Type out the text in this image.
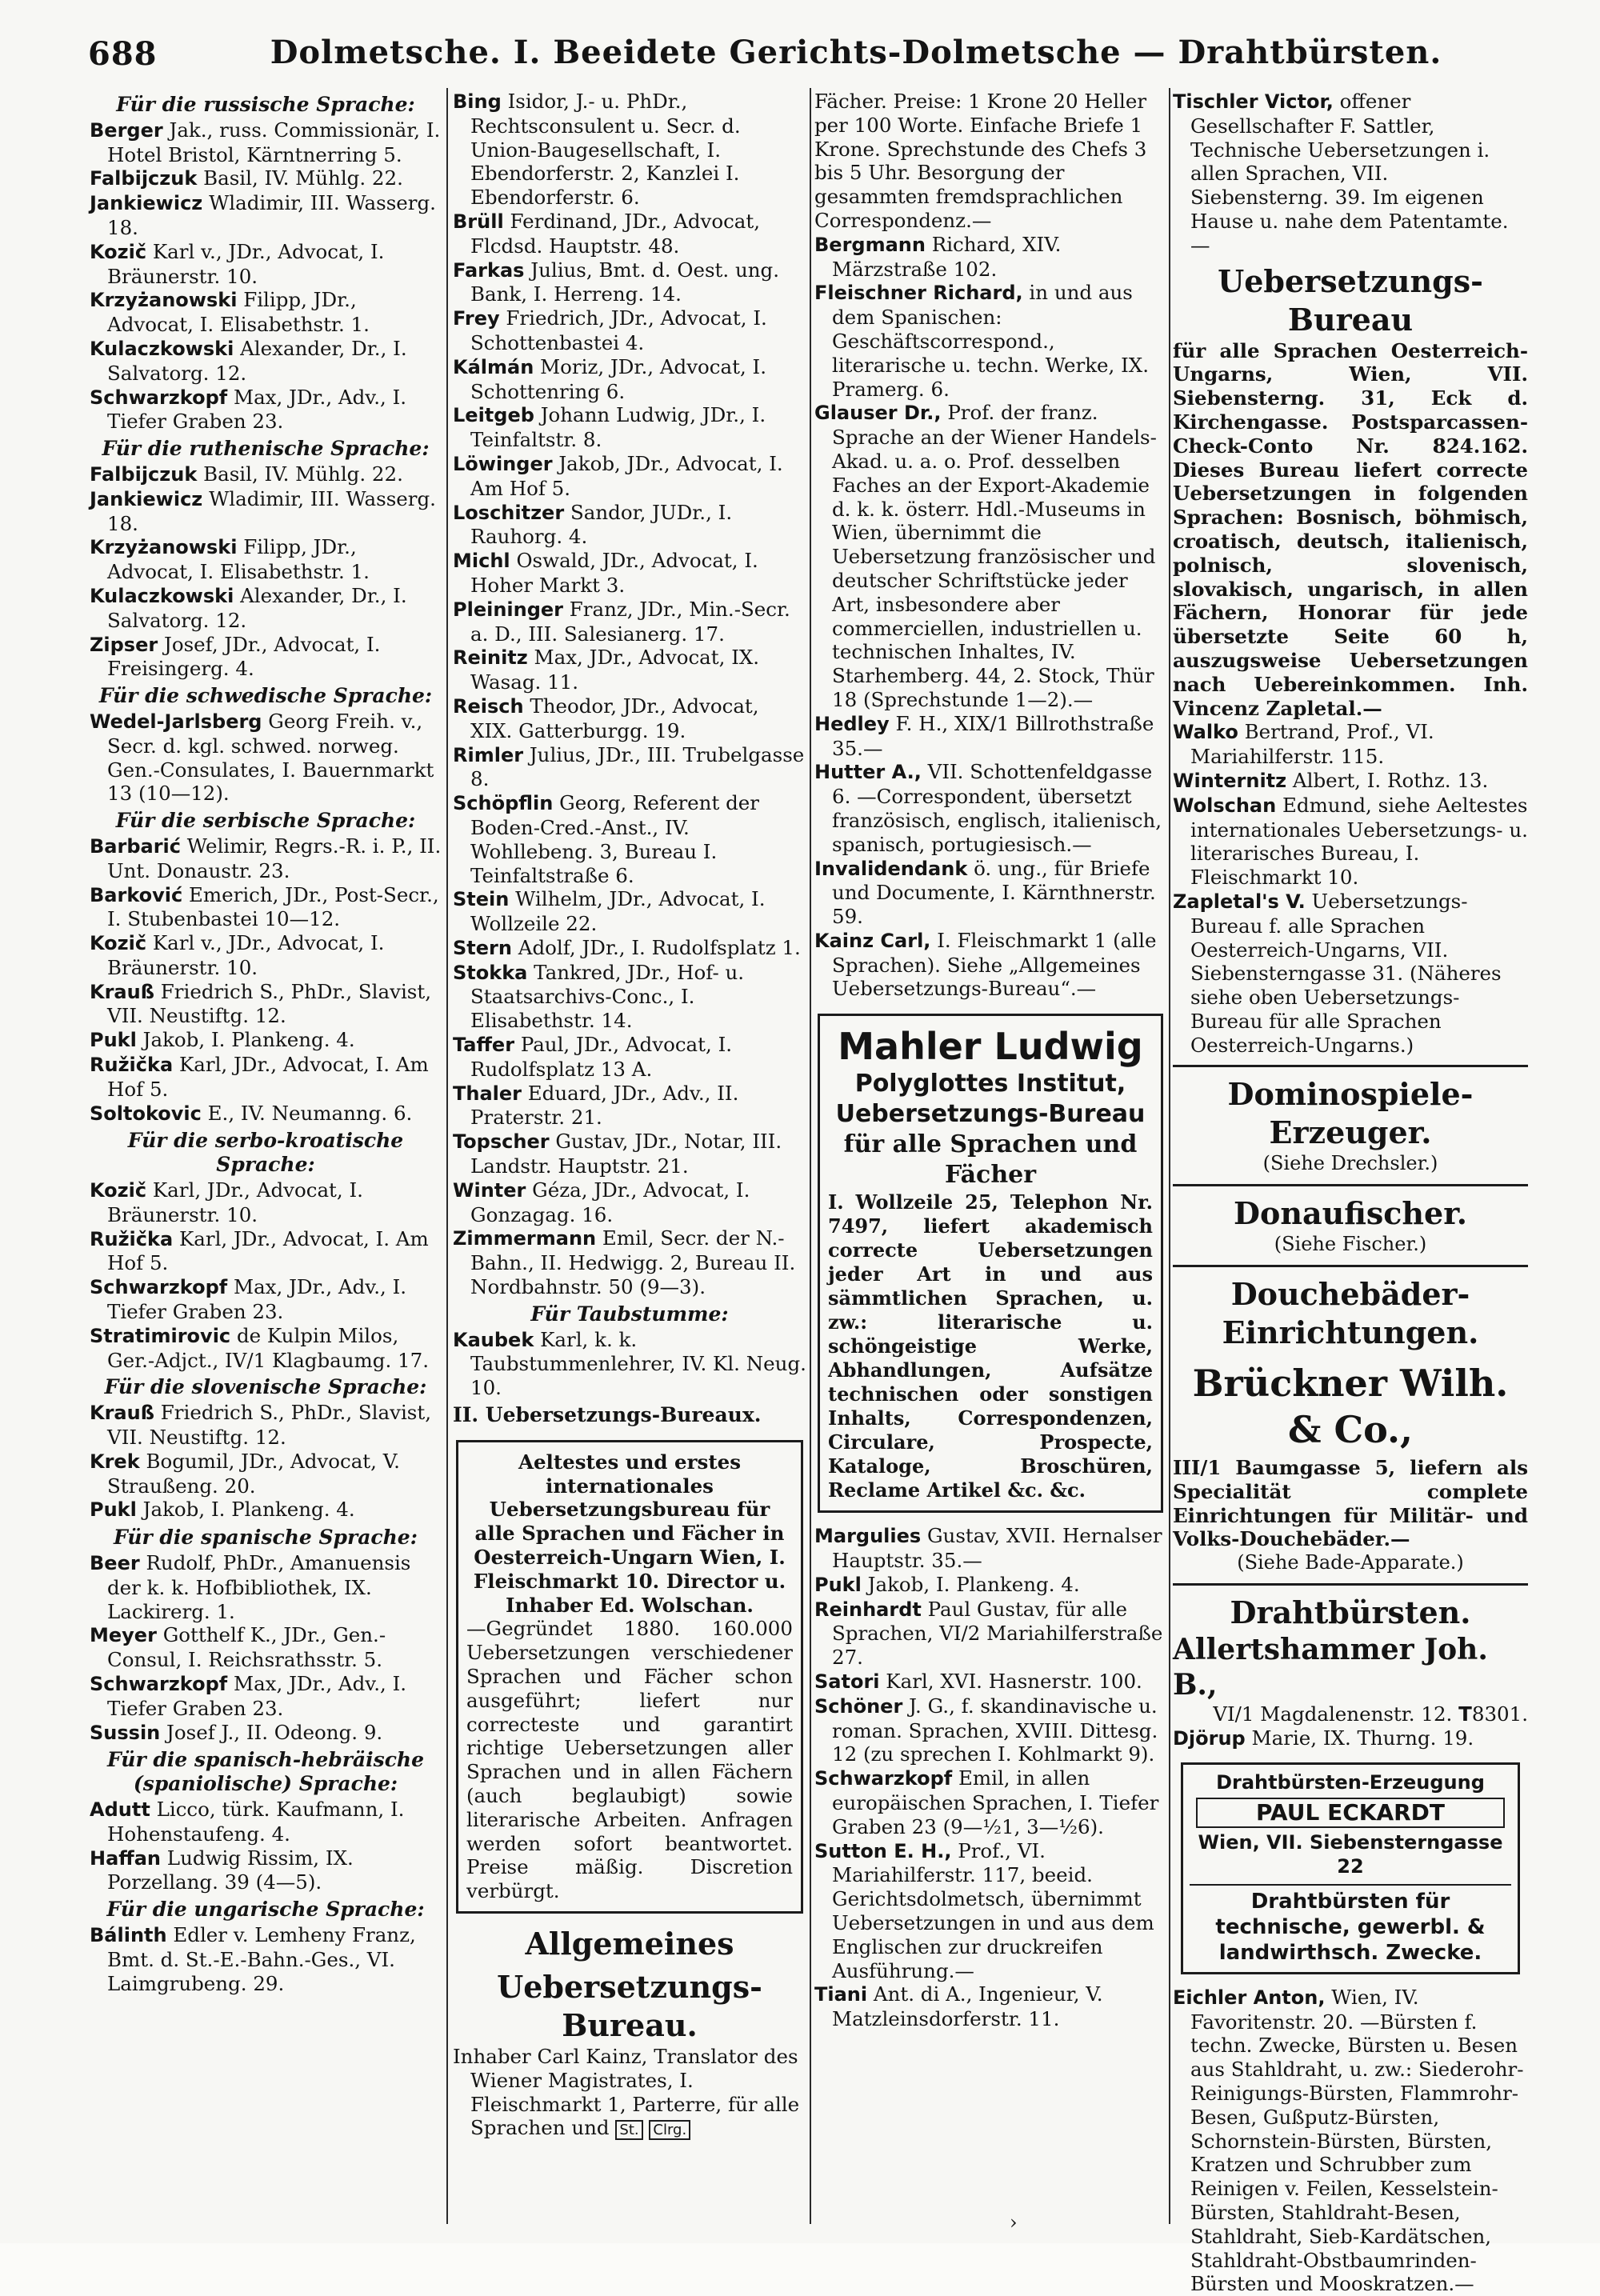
688	Dolmetsche. I. Beeidete Gerichts-Dolmetsche — Drahtbürsten.
Für die russische Sprache:
Berger Jak., russ. Commissionär, I. Hotel Bristol, Kärntnerring 5.
Falbijczuk Basil, IV. Mühlg. 22.
Jankiewicz Wladimir, III. Wasserg. 18.
Kozič Karl v., JDr., Advocat, I. Bräunerstr. 10.
Krzyżanowski Filipp, JDr., Advocat, I. Elisabethstr. 1.
Kulaczkowski Alexander, Dr., I. Salvatorg. 12.
Schwarzkopf Max, JDr., Adv., I. Tiefer Graben 23.
Für die ruthenische Sprache:
Falbijczuk Basil, IV. Mühlg. 22.
Jankiewicz Wladimir, III. Wasserg. 18.
Krzyżanowski Filipp, JDr., Advocat, I. Elisabethstr. 1.
Kulaczkowski Alexander, Dr., I. Salvatorg. 12.
Zipser Josef, JDr., Advocat, I. Freisingerg. 4.
Für die schwedische Sprache:
Wedel-Jarlsberg Georg Freih. v., Secr. d. kgl. schwed. norweg. Gen.-Consulates, I. Bauernmarkt 13 (10—12).
Für die serbische Sprache:
Barbarić Welimir, Regrs.-R. i. P., II. Unt. Donaustr. 23.
Barković Emerich, JDr., Post-Secr., I. Stubenbastei 10—12.
Kozič Karl v., JDr., Advocat, I. Bräunerstr. 10.
Krauß Friedrich S., PhDr., Slavist, VII. Neustiftg. 12.
Pukl Jakob, I. Plankeng. 4.
Ružička Karl, JDr., Advocat, I. Am Hof 5.
Soltokovic E., IV. Neumanng. 6.
Für die serbo-kroatische Sprache:
Kozič Karl, JDr., Advocat, I. Bräunerstr. 10.
Ružička Karl, JDr., Advocat, I. Am Hof 5.
Schwarzkopf Max, JDr., Adv., I. Tiefer Graben 23.
Stratimirovic de Kulpin Milos, Ger.-Adjct., IV/1 Klagbaumg. 17.
Für die slovenische Sprache:
Krauß Friedrich S., PhDr., Slavist, VII. Neustiftg. 12.
Krek Bogumil, JDr., Advocat, V. Straußeng. 20.
Pukl Jakob, I. Plankeng. 4.
Für die spanische Sprache:
Beer Rudolf, PhDr., Amanuensis der k. k. Hofbibliothek, IX. Lackirerg. 1.
Meyer Gotthelf K., JDr., Gen.-Consul, I. Reichsrathsstr. 5.
Schwarzkopf Max, JDr., Adv., I. Tiefer Graben 23.
Sussin Josef J., II. Odeong. 9.
Für die spanisch-hebräische (spaniolische) Sprache:
Adutt Licco, türk. Kaufmann, I. Hohenstaufeng. 4.
Haffan Ludwig Rissim, IX. Porzellang. 39 (4—5).
Für die ungarische Sprache:
Bálinth Edler v. Lemheny Franz, Bmt. d. St.-E.-Bahn.-Ges., VI. Laimgrubeng. 29.
Bing Isidor, J.- u. PhDr., Rechtsconsulent u. Secr. d. Union-Baugesellschaft, I. Ebendorferstr. 2, Kanzlei I. Ebendorferstr. 6.
Brüll Ferdinand, JDr., Advocat, Flcdsd. Hauptstr. 48.
Farkas Julius, Bmt. d. Oest. ung. Bank, I. Herreng. 14.
Frey Friedrich, JDr., Advocat, I. Schottenbastei 4.
Kálmán Moriz, JDr., Advocat, I. Schottenring 6.
Leitgeb Johann Ludwig, JDr., I. Teinfaltstr. 8.
Löwinger Jakob, JDr., Advocat, I. Am Hof 5.
Loschitzer Sandor, JUDr., I. Rauhorg. 4.
Michl Oswald, JDr., Advocat, I. Hoher Markt 3.
Pleininger Franz, JDr., Min.-Secr. a. D., III. Salesianerg. 17.
Reinitz Max, JDr., Advocat, IX. Wasag. 11.
Reisch Theodor, JDr., Advocat, XIX. Gatterburgg. 19.
Rimler Julius, JDr., III. Trubelgasse 8.
Schöpflin Georg, Referent der Boden-Cred.-Anst., IV. Wohllebeng. 3, Bureau I. Teinfaltstraße 6.
Stein Wilhelm, JDr., Advocat, I. Wollzeile 22.
Stern Adolf, JDr., I. Rudolfsplatz 1.
Stokka Tankred, JDr., Hof- u. Staatsarchivs-Conc., I. Elisabethstr. 14.
Taffer Paul, JDr., Advocat, I. Rudolfsplatz 13 A.
Thaler Eduard, JDr., Adv., II. Praterstr. 21.
Topscher Gustav, JDr., Notar, III. Landstr. Hauptstr. 21.
Winter Géza, JDr., Advocat, I. Gonzagag. 16.
Zimmermann Emil, Secr. der N.-Bahn., II. Hedwigg. 2, Bureau II. Nordbahnstr. 50 (9—3).
Für Taubstumme:
Kaubek Karl, k. k. Taubstummenlehrer, IV. Kl. Neug. 10.
II. Uebersetzungs-Bureaux.
Aeltestes und erstes internationales Uebersetzungsbureau für alle Sprachen und Fächer in Oesterreich-Ungarn Wien, I. Fleischmarkt 10. Director u. Inhaber Ed. Wolschan.
—Gegründet 1880. 160.000 Uebersetzungen verschiedener Sprachen und Fächer schon ausgeführt; liefert nur correcteste und garantirt richtige Uebersetzungen aller Sprachen und in allen Fächern (auch beglaubigt) sowie literarische Arbeiten. Anfragen werden sofort beantwortet. Preise mäßig. Discretion verbürgt.
Allgemeines
Uebersetzungs-Bureau.
Inhaber Carl Kainz, Translator des Wiener Magistrates, I. Fleischmarkt 1, Parterre, für alle Sprachen und St. Clrg.
Fächer. Preise: 1 Krone 20 Heller per 100 Worte. Einfache Briefe 1 Krone. Sprechstunde des Chefs 3 bis 5 Uhr. Besorgung der gesammten fremdsprachlichen Correspondenz.—
Bergmann Richard, XIV. Märzstraße 102.
Fleischner Richard, in und aus dem Spanischen: Geschäftscorrespond., literarische u. techn. Werke, IX. Pramerg. 6.
Glauser Dr., Prof. der franz. Sprache an der Wiener Handels-Akad. u. a. o. Prof. desselben Faches an der Export-Akademie d. k. k. österr. Hdl.-Museums in Wien, übernimmt die Uebersetzung französischer und deutscher Schriftstücke jeder Art, insbesondere aber commerciellen, industriellen u. technischen Inhaltes, IV. Starhemberg. 44, 2. Stock, Thür 18 (Sprechstunde 1—2).—
Hedley F. H., XIX/1 Billrothstraße 35.—
Hutter A., VII. Schottenfeldgasse 6. —Correspondent, übersetzt französisch, englisch, italienisch, spanisch, portugiesisch.—
Invalidendank ö. ung., für Briefe und Documente, I. Kärnthnerstr. 59.
Kainz Carl, I. Fleischmarkt 1 (alle Sprachen). Siehe „Allgemeines Uebersetzungs-Bureau“.—
Mahler Ludwig
Polyglottes Institut,
Uebersetzungs-Bureau
für alle Sprachen und Fächer
I. Wollzeile 25, Telephon Nr. 7497, liefert akademisch correcte Uebersetzungen jeder Art in und aus sämmtlichen Sprachen, u. zw.: literarische u. schöngeistige Werke, Abhandlungen, Aufsätze technischen oder sonstigen Inhalts, Correspondenzen, Circulare, Prospecte, Kataloge, Broschüren, Reclame Artikel &c. &c.
Margulies Gustav, XVII. Hernalser Hauptstr. 35.—
Pukl Jakob, I. Plankeng. 4.
Reinhardt Paul Gustav, für alle Sprachen, VI/2 Mariahilferstraße 27.
Satori Karl, XVI. Hasnerstr. 100.
Schöner J. G., f. skandinavische u. roman. Sprachen, XVIII. Dittesg. 12 (zu sprechen I. Kohlmarkt 9).
Schwarzkopf Emil, in allen europäischen Sprachen, I. Tiefer Graben 23 (9—½1, 3—½6).
Sutton E. H., Prof., VI. Mariahilferstr. 117, beeid. Gerichtsdolmetsch, übernimmt Uebersetzungen in und aus dem Englischen zur druckreifen Ausführung.—
Tiani Ant. di A., Ingenieur, V. Matzleinsdorferstr. 11.
Tischler Victor, offener Gesellschafter F. Sattler, Technische Uebersetzungen i. allen Sprachen, VII. Siebensterng. 39. Im eigenen Hause u. nahe dem Patentamte.—
Uebersetzungs-Bureau
für alle Sprachen Oesterreich-Ungarns, Wien, VII. Siebensterng. 31, Eck d. Kirchengasse. Postsparcassen-Check-Conto Nr. 824.162. Dieses Bureau liefert correcte Uebersetzungen in folgenden Sprachen: Bosnisch, böhmisch, croatisch, deutsch, italienisch, polnisch, slovenisch, slovakisch, ungarisch, in allen Fächern, Honorar für jede übersetzte Seite 60 h, auszugsweise Uebersetzungen nach Uebereinkommen. Inh. Vincenz Zapletal.—
Walko Bertrand, Prof., VI. Mariahilferstr. 115.
Winternitz Albert, I. Rothz. 13.
Wolschan Edmund, siehe Aeltestes internationales Uebersetzungs- u. literarisches Bureau, I. Fleischmarkt 10.
Zapletal's V. Uebersetzungs-Bureau f. alle Sprachen Oesterreich-Ungarns, VII. Siebensterngasse 31. (Näheres siehe oben Uebersetzungs-Bureau für alle Sprachen Oesterreich-Ungarns.)
Dominospiele-Erzeuger.
(Siehe Drechsler.)
Donaufischer.
(Siehe Fischer.)
Douchebäder-Einrichtungen.
Brückner Wilh. & Co.,
III/1 Baumgasse 5, liefern als Specialität complete Einrichtungen für Militär- und Volks-Douchebäder.—
(Siehe Bade-Apparate.)
Drahtbürsten.
Allertshammer Joh. B.,
VI/1 Magdalenenstr. 12. T8301.
Djörup Marie, IX. Thurng. 19.
Drahtbürsten-Erzeugung
PAUL ECKARDT
Wien, VII. Siebensterngasse 22
Drahtbürsten für technische, gewerbl. & landwirthsch. Zwecke.
Eichler Anton, Wien, IV. Favoritenstr. 20. —Bürsten f. techn. Zwecke, Bürsten u. Besen aus Stahldraht, u. zw.: Siederohr-Reinigungs-Bürsten, Flammrohr-Besen, Gußputz-Bürsten, Schornstein-Bürsten, Bürsten, Kratzen und Schrubber zum Reinigen v. Feilen, Kesselstein-Bürsten, Stahldraht-Besen, Stahldraht, Sieb-Kardätschen, Stahldraht-Obstbaumrinden-Bürsten und Mooskratzen.—
›
